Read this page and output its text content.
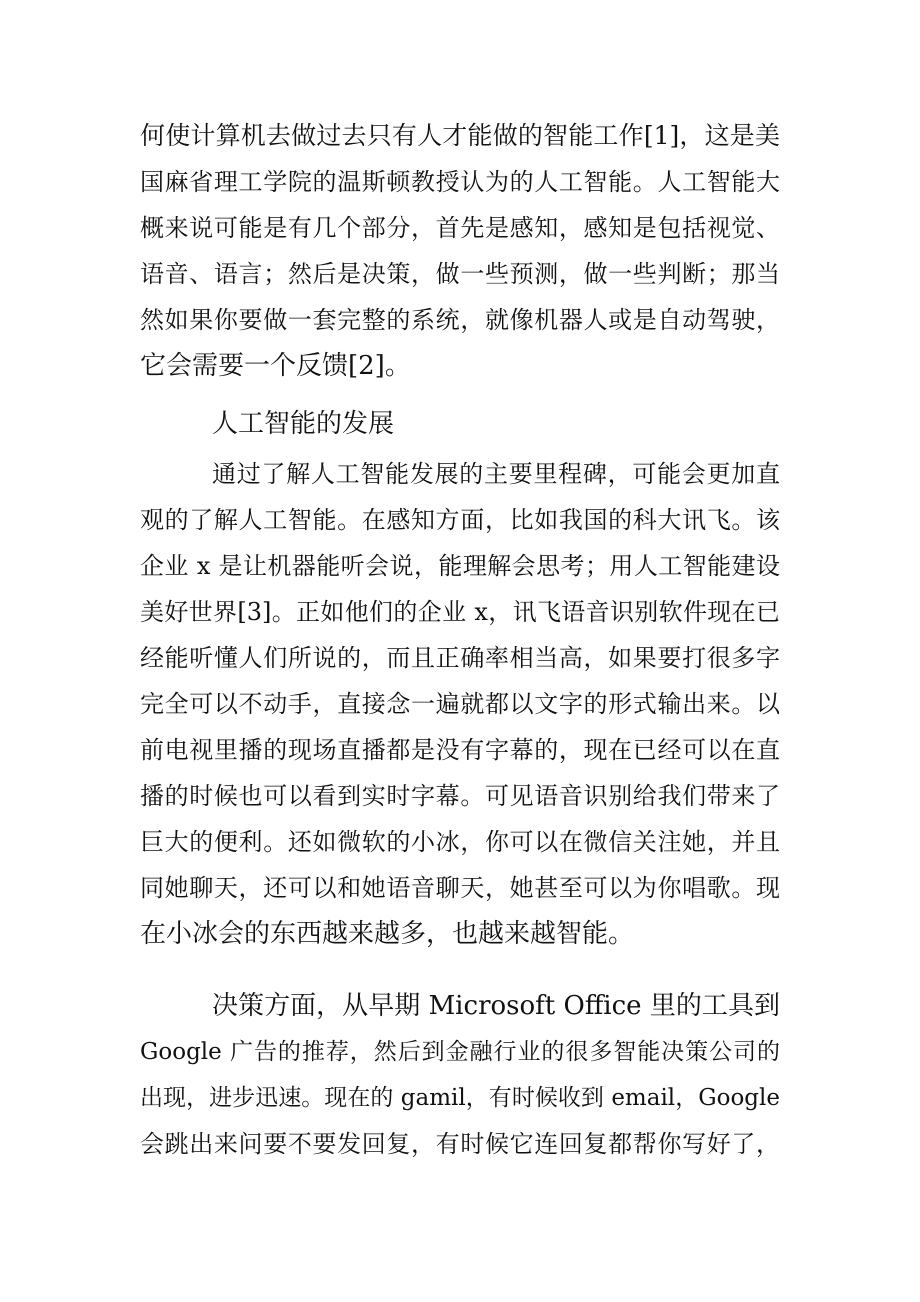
何使计算机去做过去只有人才能做的智能工作[1]，这是美
国麻省理工学院的温斯顿教授认为的人工智能。人工智能大
概来说可能是有几个部分，首先是感知，感知是包括视觉、
语音、语言；然后是决策，做一些预测，做一些判断；那当
然如果你要做一套完整的系统，就像机器人或是自动驾驶，
它会需要一个反馈[2]。
人工智能的发展
通过了解人工智能发展的主要里程碑，可能会更加直
观的了解人工智能。在感知方面，比如我国的科大讯飞。该
企业 x 是让机器能听会说，能理解会思考；用人工智能建设
美好世界[3]。正如他们的企业 x，讯飞语音识别软件现在已
经能听懂人们所说的，而且正确率相当高，如果要打很多字
完全可以不动手，直接念一遍就都以文字的形式输出来。以
前电视里播的现场直播都是没有字幕的，现在已经可以在直
播的时候也可以看到实时字幕。可见语音识别给我们带来了
巨大的便利。还如微软的小冰，你可以在微信关注她，并且
同她聊天，还可以和她语音聊天，她甚至可以为你唱歌。现
在小冰会的东西越来越多，也越来越智能。
决策方面，从早期 Microsoft Office 里的工具到
Google 广告的推荐，然后到金融行业的很多智能决策公司的
出现，进步迅速。现在的 gamil，有时候收到 email，Google
会跳出来问要不要发回复，有时候它连回复都帮你写好了，
